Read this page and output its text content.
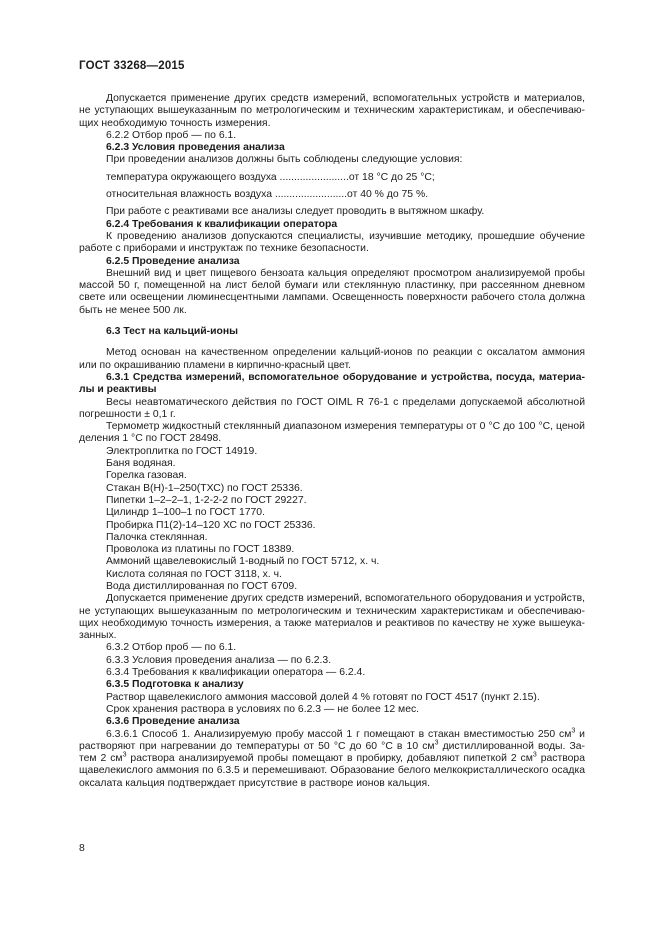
ГОСТ 33268—2015
Допускается применение других средств измерений, вспомогательных устройств и материалов,
не уступающих вышеуказанным по метрологическим и техническим характеристикам, и обеспечиваю-
щих необходимую точность измерения.
6.2.2 Отбор проб — по 6.1.
6.2.3 Условия проведения анализа
При проведении анализов должны быть соблюдены следующие условия:
температура окружающего воздуха ........................от 18 °С до 25 °С;
относительная влажность воздуха .........................от 40 % до 75 %.
При работе с реактивами все анализы следует проводить в вытяжном шкафу.
6.2.4 Требования к квалификации оператора
К проведению анализов допускаются специалисты, изучившие методику, прошедшие обучение
работе с приборами и инструктаж по технике безопасности.
6.2.5 Проведение анализа
Внешний вид и цвет пищевого бензоата кальция определяют просмотром анализируемой пробы
массой 50 г, помещенной на лист белой бумаги или стеклянную пластинку, при рассеянном дневном
свете или освещении люминесцентными лампами. Освещенность поверхности рабочего стола должна
быть не менее 500 лк.
6.3 Тест на кальций-ионы
Метод основан на качественном определении кальций-ионов по реакции с оксалатом аммония
или по окрашиванию пламени в кирпично-красный цвет.
6.3.1 Средства измерений, вспомогательное оборудование и устройства, посуда, материа-
лы и реактивы
Весы неавтоматического действия по ГОСТ OIML R 76-1 с пределами допускаемой абсолютной
погрешности ± 0,1 г.
Термометр жидкостный стеклянный диапазоном измерения температуры от 0 °С до 100 °С, ценой
деления 1 °С по ГОСТ 28498.
Электроплитка по ГОСТ 14919.
Баня водяная.
Горелка газовая.
Стакан В(Н)-1–250(ТХС) по ГОСТ 25336.
Пипетки 1–2–2–1, 1-2-2-2 по ГОСТ 29227.
Цилиндр 1–100–1 по ГОСТ 1770.
Пробирка П1(2)-14–120 ХС по ГОСТ 25336.
Палочка стеклянная.
Проволока из платины по ГОСТ 18389.
Аммоний щавелевокислый 1-водный по ГОСТ 5712, х. ч.
Кислота соляная по ГОСТ 3118, х. ч.
Вода дистиллированная по ГОСТ 6709.
Допускается применение других средств измерений, вспомогательного оборудования и устройств,
не уступающих вышеуказанным по метрологическим и техническим характеристикам и обеспечиваю-
щих необходимую точность измерения, а также материалов и реактивов по качеству не хуже вышеука-
занных.
6.3.2 Отбор проб — по 6.1.
6.3.3 Условия проведения анализа — по 6.2.3.
6.3.4 Требования к квалификации оператора — 6.2.4.
6.3.5 Подготовка к анализу
Раствор щавелекислого аммония массовой долей 4 % готовят по ГОСТ 4517 (пункт 2.15).
Срок хранения раствора в условиях по 6.2.3 — не более 12 мес.
6.3.6 Проведение анализа
6.3.6.1 Способ 1. Анализируемую пробу массой 1 г помещают в стакан вместимостью 250 $см^3$ и
растворяют при нагревании до температуры от 50 °С до 60 °С в 10 $см^3$ дистиллированной воды. За-
тем 2 $см^3$ раствора анализируемой пробы помещают в пробирку, добавляют пипеткой 2 $см^3$ раствора
щавелекислого аммония по 6.3.5 и перемешивают. Образование белого мелкокристаллического осадка
оксалата кальция подтверждает присутствие в растворе ионов кальция.
8
